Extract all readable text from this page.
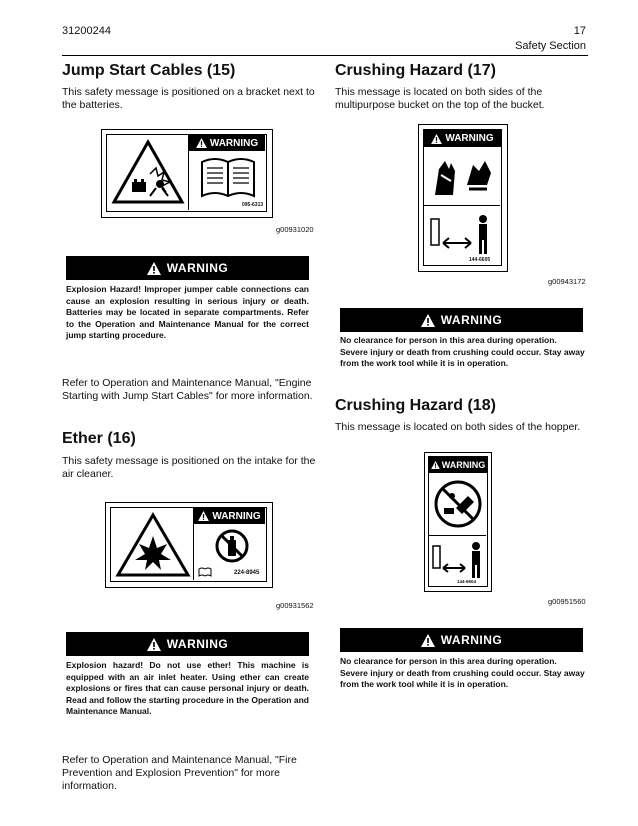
31200244	17
Safety Section
Jump Start Cables (15)
This safety message is positioned on a bracket next to the batteries.
WARNING
095-6313
g00931020
WARNING
Explosion Hazard! Improper jumper cable connections can cause an explosion resulting in serious injury or death. Batteries may be located in separate compartments. Refer to the Operation and Maintenance Manual for the correct jump starting procedure.
Refer to Operation and Maintenance Manual, "Engine Starting with Jump Start Cables" for more information.
Ether (16)
This safety message is positioned on the intake for the air cleaner.
WARNING
224-8945
g00931562
WARNING
Explosion hazard! Do not use ether! This machine is equipped with an air inlet heater. Using ether can create explosions or fires that can cause personal injury or death. Read and follow the starting procedure in the Operation and Maintenance Manual.
Refer to Operation and Maintenance Manual, "Fire Prevention and Explosion Prevention" for more information.
Crushing Hazard (17)
This message is located on both sides of the multipurpose bucket on the top of the bucket.
WARNING
144-6605
g00943172
WARNING
No clearance for person in this area during operation. Severe injury or death from crushing could occur. Stay away from the work tool while it is in operation.
Crushing Hazard (18)
This message is located on both sides of the hopper.
WARNING
144-6604
g00951560
WARNING
No clearance for person in this area during operation. Severe injury or death from crushing could occur. Stay away from the work tool while it is in operation.
